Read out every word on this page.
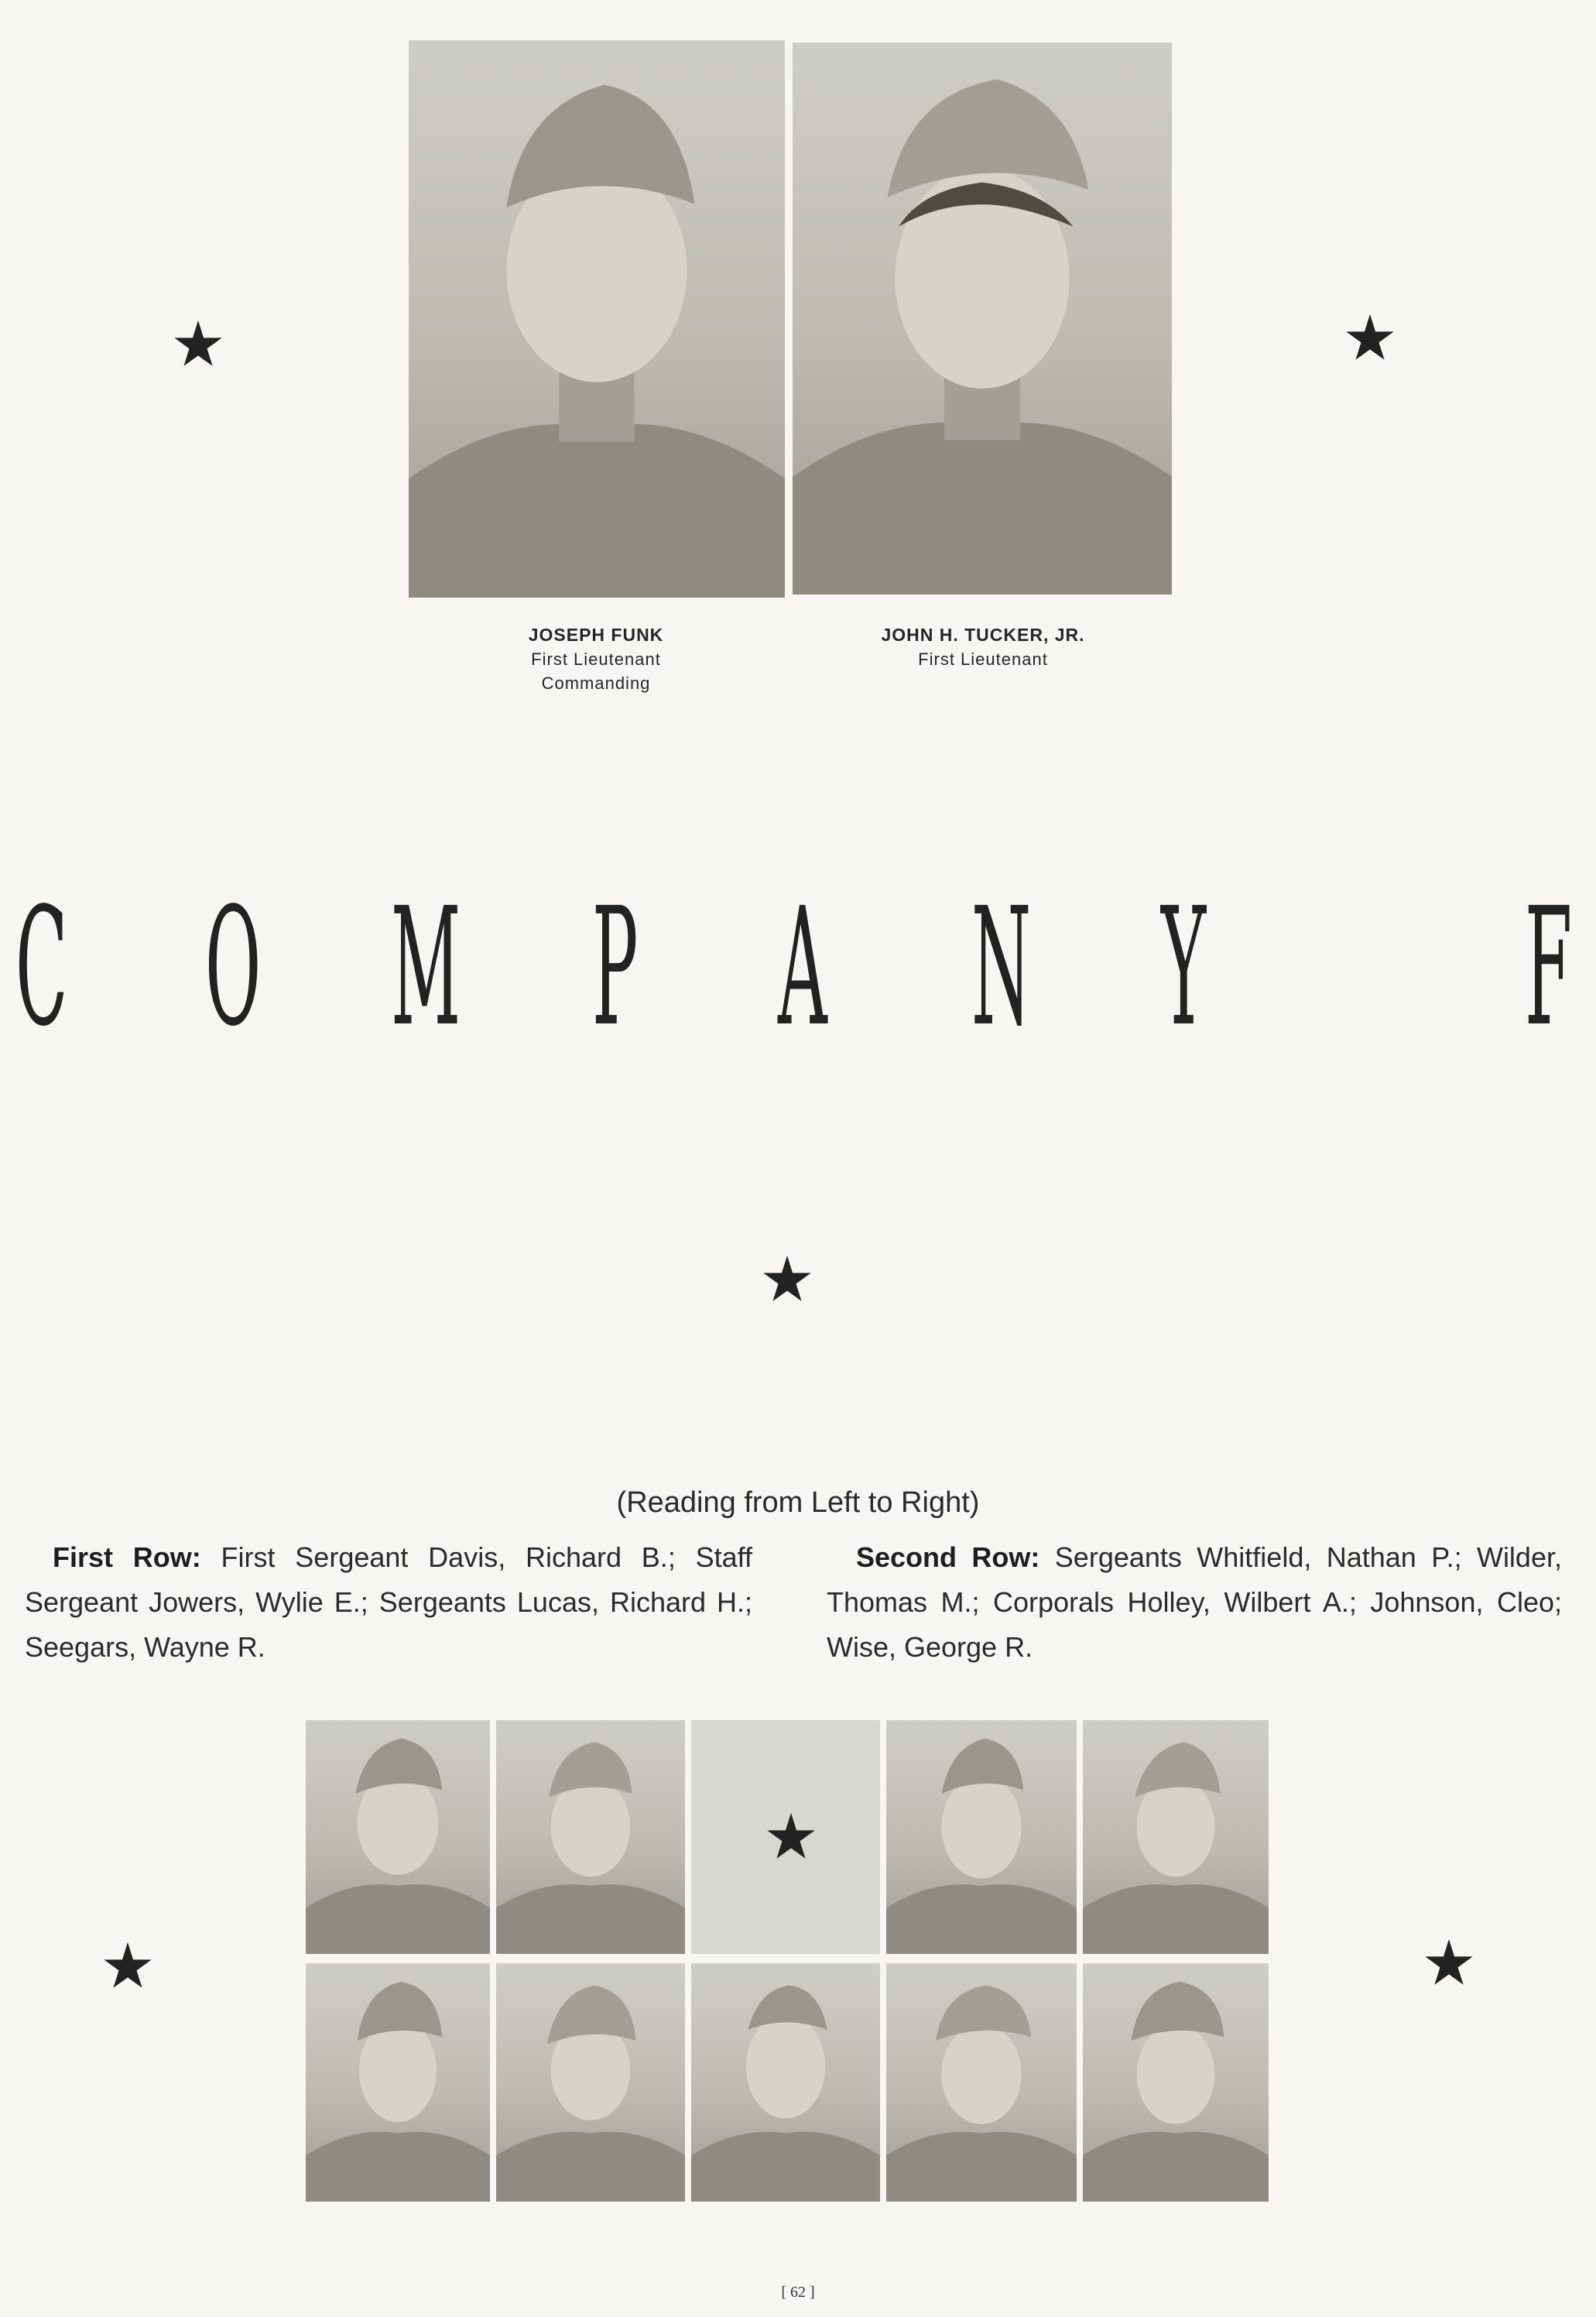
JOSEPH FUNK
First Lieutenant
Commanding
JOHN H. TUCKER, JR.
First Lieutenant
C O M P A N Y F
(Reading from Left to Right)
First Row: First Sergeant Davis, Richard B.; Staff Sergeant Jowers, Wylie E.; Sergeants Lucas, Richard H.; Seegars, Wayne R.
Second Row: Sergeants Whitfield, Nathan P.; Wilder, Thomas M.; Corporals Holley, Wilbert A.; Johnson, Cleo; Wise, George R.
[ 62 ]
